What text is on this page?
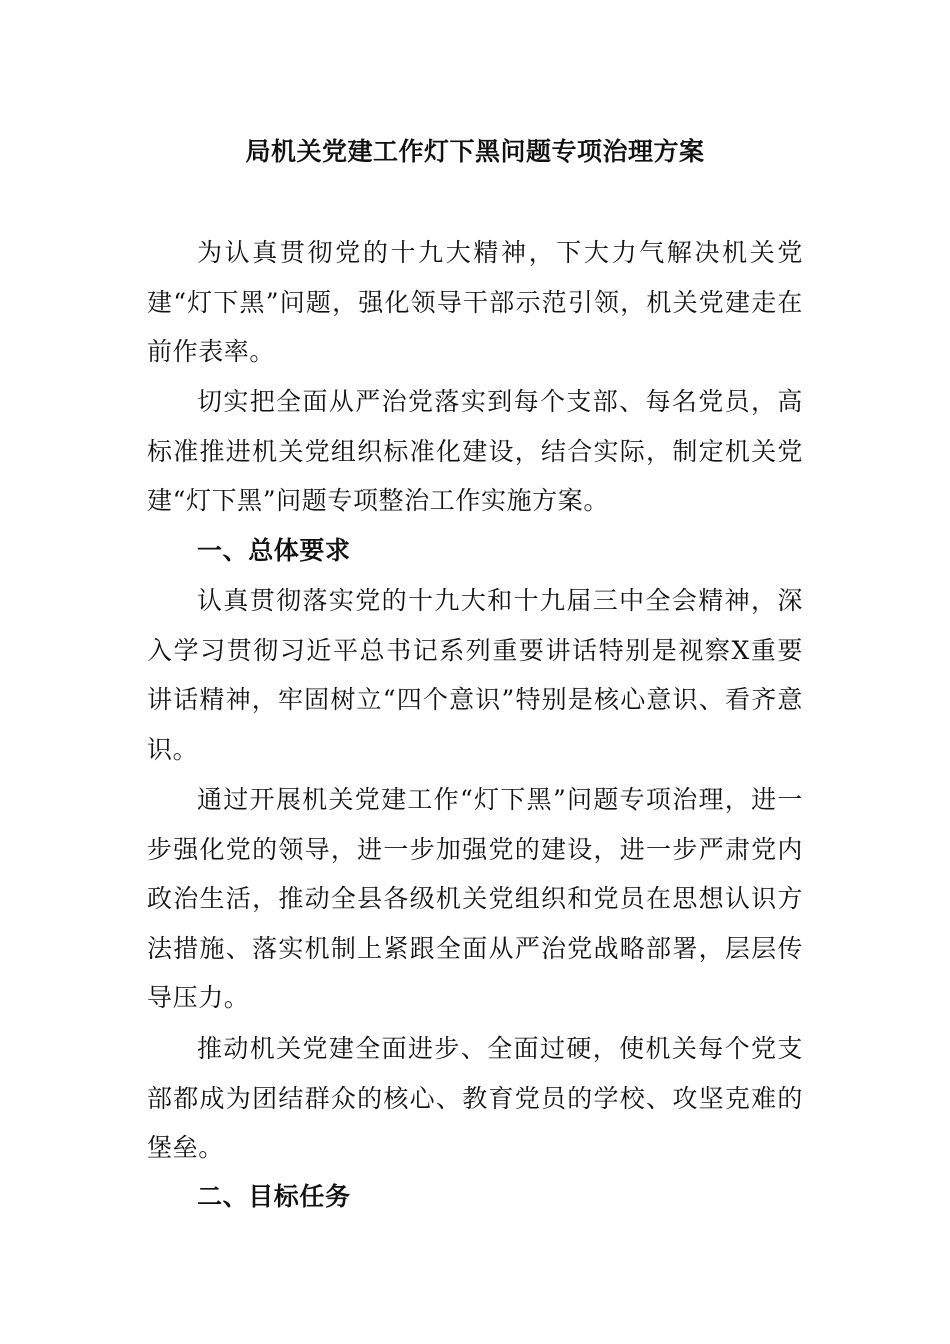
局机关党建工作灯下黑问题专项治理方案

为认真贯彻党的十九大精神，下大力气解决机关党建“灯下黑”问题，强化领导干部示范引领，机关党建走在前作表率。

切实把全面从严治党落实到每个支部、每名党员，高标准推进机关党组织标准化建设，结合实际，制定机关党建“灯下黑”问题专项整治工作实施方案。

一、总体要求

认真贯彻落实党的十九大和十九届三中全会精神，深入学习贯彻习近平总书记系列重要讲话特别是视察X重要讲话精神，牢固树立“四个意识”特别是核心意识、看齐意识。

通过开展机关党建工作“灯下黑”问题专项治理，进一步强化党的领导，进一步加强党的建设，进一步严肃党内政治生活，推动全县各级机关党组织和党员在思想认识方法措施、落实机制上紧跟全面从严治党战略部署，层层传导压力。

推动机关党建全面进步、全面过硬，使机关每个党支部都成为团结群众的核心、教育党员的学校、攻坚克难的堡垒。

二、目标任务
